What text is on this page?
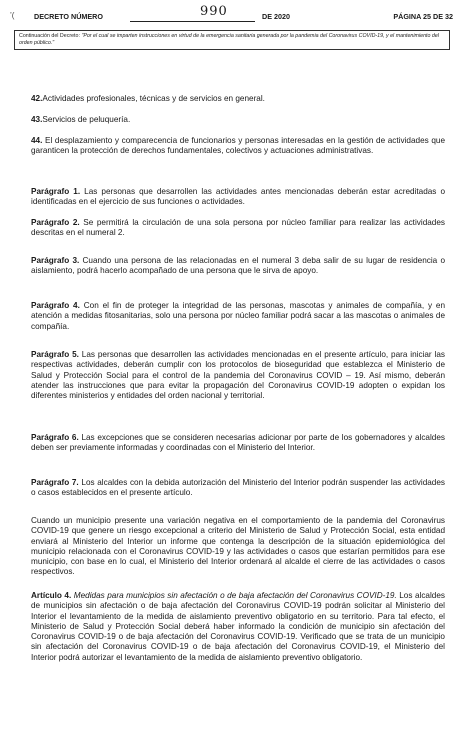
’(	DECRETO NÚMERO	990	DE 2020	PÁGINA 25 DE 32
Continuación del Decreto: "Por el cual se imparten instrucciones en virtud de la emergencia sanitaria generada por la pandemia del Coronavirus COVID-19, y el mantenimiento del orden público."

42.Actividades profesionales, técnicas y de servicios en general.

43.Servicios de peluquería.

44. El desplazamiento y comparecencia de funcionarios y personas interesadas en la gestión de actividades que garanticen la protección de derechos fundamentales, colectivos y actuaciones administrativas.

Parágrafo 1. Las personas que desarrollen las actividades antes mencionadas deberán estar acreditadas o identificadas en el ejercicio de sus funciones o actividades.

Parágrafo 2. Se permitirá la circulación de una sola persona por núcleo familiar para realizar las actividades descritas en el numeral 2.

Parágrafo 3. Cuando una persona de las relacionadas en el numeral 3 deba salir de su lugar de residencia o aislamiento, podrá hacerlo acompañado de una persona que le sirva de apoyo.

Parágrafo 4. Con el fin de proteger la integridad de las personas, mascotas y animales de compañía, y en atención a medidas fitosanitarias, solo una persona por núcleo familiar podrá sacar a las mascotas o animales de compañía.

Parágrafo 5. Las personas que desarrollen las actividades mencionadas en el presente artículo, para iniciar las respectivas actividades, deberán cumplir con los protocolos de bioseguridad que establezca el Ministerio de Salud y Protección Social para el control de la pandemia del Coronavirus COVID – 19. Así mismo, deberán atender las instrucciones que para evitar la propagación del Coronavirus COVID-19 adopten o expidan los diferentes ministerios y entidades del orden nacional y territorial.

Parágrafo 6. Las excepciones que se consideren necesarias adicionar por parte de los gobernadores y alcaldes deben ser previamente informadas y coordinadas con el Ministerio del Interior.

Parágrafo 7. Los alcaldes con la debida autorización del Ministerio del Interior podrán suspender las actividades o casos establecidos en el presente artículo.

Cuando un municipio presente una variación negativa en el comportamiento de la pandemia del Coronavirus COVID-19 que genere un riesgo excepcional a criterio del Ministerio de Salud y Protección Social, esta entidad enviará al Ministerio del Interior un informe que contenga la descripción de la situación epidemiológica del municipio relacionada con el Coronavirus COVID-19 y las actividades o casos que estarían permitidos para ese municipio, con base en lo cual, el Ministerio del Interior ordenará al alcalde el cierre de las actividades o casos respectivos.

Artículo 4. Medidas para municipios sin afectación o de baja afectación del Coronavirus COVID-19. Los alcaldes de municipios sin afectación o de baja afectación del Coronavirus COVID-19 podrán solicitar al Ministerio del Interior el levantamiento de la medida de aislamiento preventivo obligatorio en su territorio. Para tal efecto, el Ministerio de Salud y Protección Social deberá haber informado la condición de municipio sin afectación del Coronavirus COVID-19 o de baja afectación del Coronavirus COVID-19. Verificado que se trata de un municipio sin afectación del Coronavirus COVID-19 o de baja afectación del Coronavirus COVID-19, el Ministerio del Interior podrá autorizar el levantamiento de la medida de aislamiento preventivo obligatorio.
